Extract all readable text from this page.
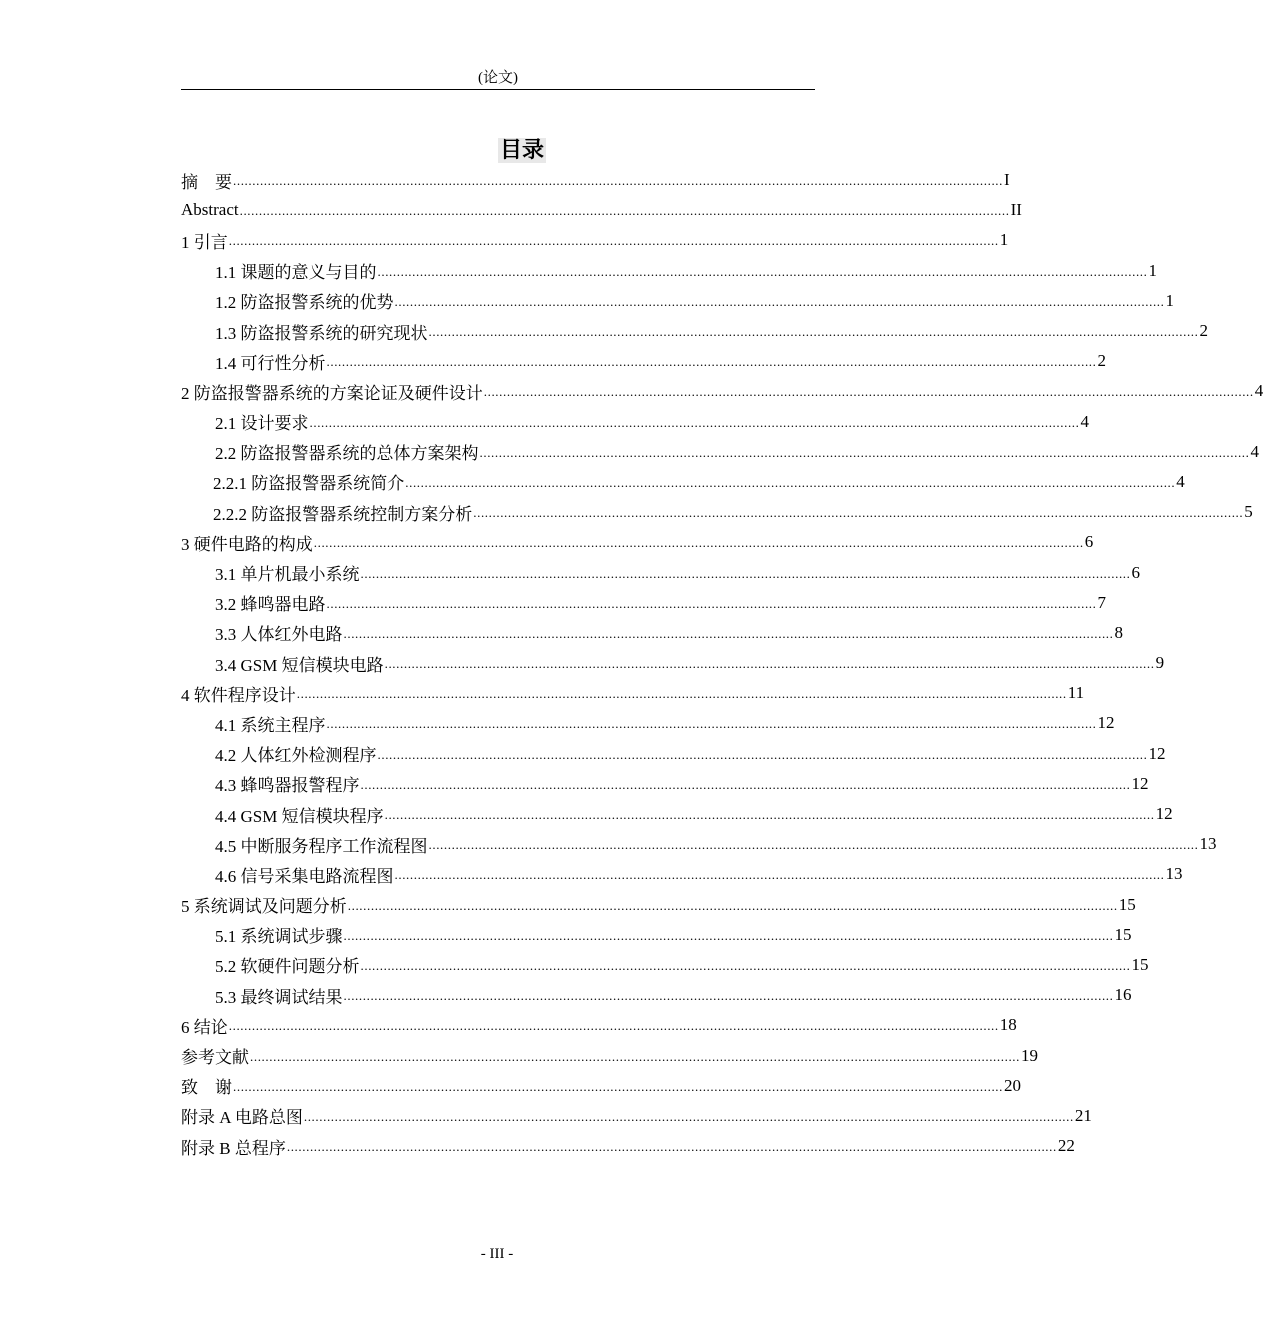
(论文)
目录
摘　要 ........................................................................................................................................................................................................ I
Abstract ........................................................................................................................................................................................................ II
1 引言 ........................................................................................................................................................................................................ 1
1.1 课题的意义与目的 ........................................................................................................................................................................................................ 1
1.2 防盗报警系统的优势 ........................................................................................................................................................................................................ 1
1.3 防盗报警系统的研究现状 ........................................................................................................................................................................................................ 2
1.4 可行性分析 ........................................................................................................................................................................................................ 2
2 防盗报警器系统的方案论证及硬件设计 ........................................................................................................................................................................................................ 4
2.1 设计要求 ........................................................................................................................................................................................................ 4
2.2 防盗报警器系统的总体方案架构 ........................................................................................................................................................................................................ 4
2.2.1 防盗报警器系统简介 ........................................................................................................................................................................................................ 4
2.2.2 防盗报警器系统控制方案分析 ........................................................................................................................................................................................................ 5
3 硬件电路的构成 ........................................................................................................................................................................................................ 6
3.1 单片机最小系统 ........................................................................................................................................................................................................ 6
3.2 蜂鸣器电路 ........................................................................................................................................................................................................ 7
3.3 人体红外电路 ........................................................................................................................................................................................................ 8
3.4 GSM 短信模块电路 ........................................................................................................................................................................................................ 9
4 软件程序设计 ........................................................................................................................................................................................................ 11
4.1 系统主程序 ........................................................................................................................................................................................................ 12
4.2 人体红外检测程序 ........................................................................................................................................................................................................ 12
4.3 蜂鸣器报警程序 ........................................................................................................................................................................................................ 12
4.4 GSM 短信模块程序 ........................................................................................................................................................................................................ 12
4.5 中断服务程序工作流程图 ........................................................................................................................................................................................................ 13
4.6 信号采集电路流程图 ........................................................................................................................................................................................................ 13
5 系统调试及问题分析 ........................................................................................................................................................................................................ 15
5.1 系统调试步骤 ........................................................................................................................................................................................................ 15
5.2 软硬件问题分析 ........................................................................................................................................................................................................ 15
5.3 最终调试结果 ........................................................................................................................................................................................................ 16
6 结论 ........................................................................................................................................................................................................ 18
参考文献 ........................................................................................................................................................................................................ 19
致　谢 ........................................................................................................................................................................................................ 20
附录 A 电路总图 ........................................................................................................................................................................................................ 21
附录 B 总程序 ........................................................................................................................................................................................................ 22
- III -
